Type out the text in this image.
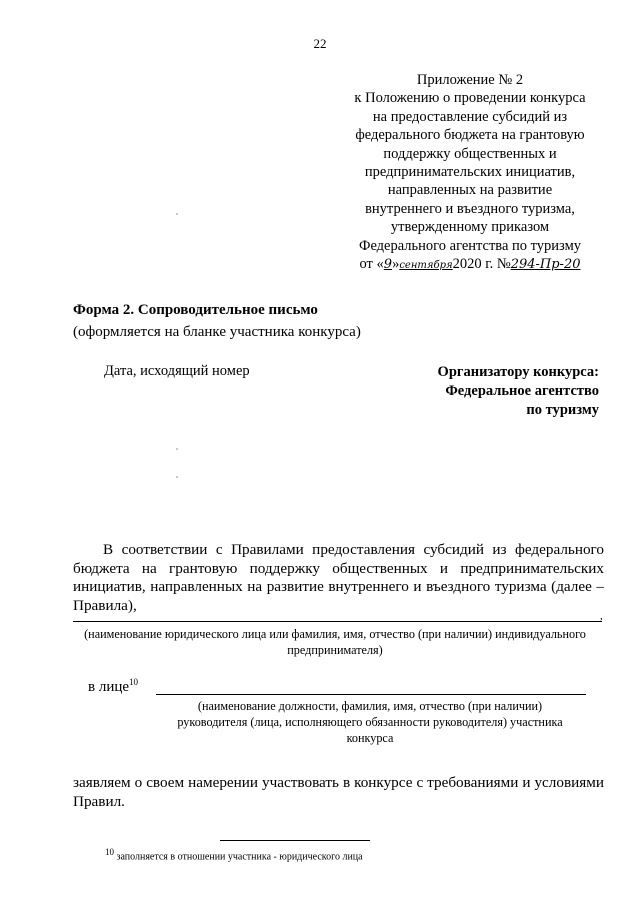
22
Приложение № 2
к Положению о проведении конкурса
на предоставление субсидий из
федерального бюджета на грантовую
поддержку общественных и
предпринимательских инициатив,
направленных на развитие
внутреннего и въездного туризма,
утвержденному приказом
Федерального агентства по туризму
от «9»сентября2020 г. №294-Пр-20
Форма 2. Сопроводительное письмо
(оформляется на бланке участника конкурса)
Дата, исходящий номер	Организатору конкурса:
Федеральное агентство
по туризму
В соответствии с Правилами предоставления субсидий из федерального бюджета на грантовую поддержку общественных и предпринимательских инициатив, направленных на развитие внутреннего и въездного туризма (далее – Правила),
,
(наименование юридического лица или фамилия, имя, отчество (при наличии) индивидуального предпринимателя)
в лице$^{10}$
(наименование должности, фамилия, имя, отчество (при наличии)
руководителя (лица, исполняющего обязанности руководителя) участника
конкурса
заявляем о своем намерении участвовать в конкурсе с требованиями и условиями Правил.
10 заполняется в отношении участника - юридического лица
